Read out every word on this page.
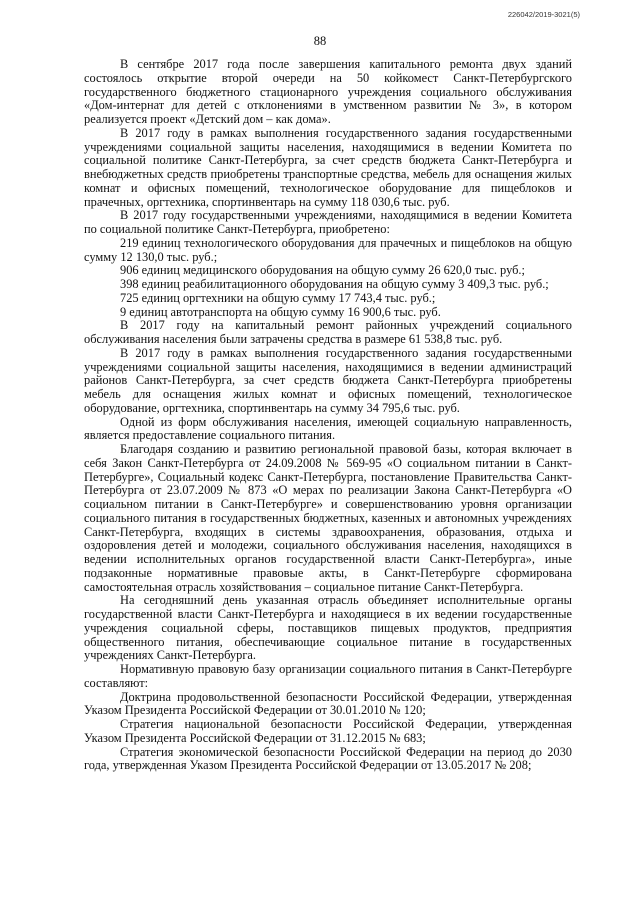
226042/2019-3021(5)
88

В сентябре 2017 года после завершения капитального ремонта двух зданий состоялось открытие второй очереди на 50 койкомест Санкт-Петербургского государственного бюджетного стационарного учреждения социального обслуживания «Дом-интернат для детей с отклонениями в умственном развитии № 3», в котором реализуется проект «Детский дом – как дома».

В 2017 году в рамках выполнения государственного задания государственными учреждениями социальной защиты населения, находящимися в ведении Комитета по социальной политике Санкт-Петербурга, за счет средств бюджета Санкт-Петербурга и внебюджетных средств приобретены транспортные средства, мебель для оснащения жилых комнат и офисных помещений, технологическое оборудование для пищеблоков и прачечных, оргтехника, спортинвентарь на сумму 118 030,6 тыс. руб.

В 2017 году государственными учреждениями, находящимися в ведении Комитета по социальной политике Санкт-Петербурга, приобретено:

219 единиц технологического оборудования для прачечных и пищеблоков на общую сумму 12 130,0 тыс. руб.;

906 единиц медицинского оборудования на общую сумму 26 620,0 тыс. руб.;

398 единиц реабилитационного оборудования на общую сумму 3 409,3 тыс. руб.;

725 единиц оргтехники на общую сумму 17 743,4 тыс. руб.;

9 единиц автотранспорта на общую сумму 16 900,6 тыс. руб.

В 2017 году на капитальный ремонт районных учреждений социального обслуживания населения были затрачены средства в размере 61 538,8 тыс. руб.

В 2017 году в рамках выполнения государственного задания государственными учреждениями социальной защиты населения, находящимися в ведении администраций районов Санкт-Петербурга, за счет средств бюджета Санкт-Петербурга приобретены мебель для оснащения жилых комнат и офисных помещений, технологическое оборудование, оргтехника, спортинвентарь на сумму 34 795,6 тыс. руб.

Одной из форм обслуживания населения, имеющей социальную направленность, является предоставление социального питания.

Благодаря созданию и развитию региональной правовой базы, которая включает в себя Закон Санкт-Петербурга от 24.09.2008 № 569-95 «О социальном питании в Санкт-Петербурге», Социальный кодекс Санкт-Петербурга, постановление Правительства Санкт-Петербурга от 23.07.2009 № 873 «О мерах по реализации Закона Санкт-Петербурга «О социальном питании в Санкт-Петербурге» и совершенствованию уровня организации социального питания в государственных бюджетных, казенных и автономных учреждениях Санкт-Петербурга, входящих в системы здравоохранения, образования, отдыха и оздоровления детей и молодежи, социального обслуживания населения, находящихся в ведении исполнительных органов государственной власти Санкт-Петербурга», иные подзаконные нормативные правовые акты, в Санкт-Петербурге сформирована самостоятельная отрасль хозяйствования – социальное питание Санкт-Петербурга.

На сегодняшний день указанная отрасль объединяет исполнительные органы государственной власти Санкт-Петербурга и находящиеся в их ведении государственные учреждения социальной сферы, поставщиков пищевых продуктов, предприятия общественного питания, обеспечивающие социальное питание в государственных учреждениях Санкт-Петербурга.

Нормативную правовую базу организации социального питания в Санкт-Петербурге составляют:

Доктрина продовольственной безопасности Российской Федерации, утвержденная Указом Президента Российской Федерации от 30.01.2010 № 120;

Стратегия национальной безопасности Российской Федерации, утвержденная Указом Президента Российской Федерации от 31.12.2015 № 683;

Стратегия экономической безопасности Российской Федерации на период до 2030 года, утвержденная Указом Президента Российской Федерации от 13.05.2017 № 208;
